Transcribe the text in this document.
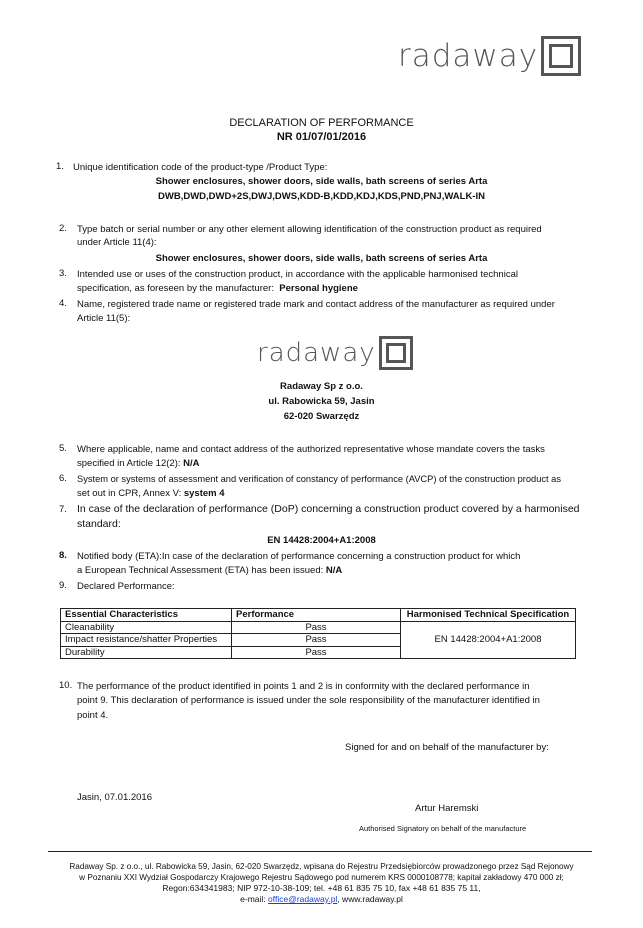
radaway
DECLARATION OF PERFORMANCE
NR 01/07/01/2016
1. Unique identification code of the product-type /Product Type:
Shower enclosures, shower doors, side walls, bath screens of series Arta
DWB,DWD,DWD+2S,DWJ,DWS,KDD-B,KDD,KDJ,KDS,PND,PNJ,WALK-IN
2. Type batch or serial number or any other element allowing identification of the construction product as required
under Article 11(4):
Shower enclosures, shower doors, side walls, bath screens of series Arta
3. Intended use or uses of the construction product, in accordance with the applicable harmonised technical
specification, as foreseen by the manufacturer: Personal hygiene
4. Name, registered trade name or registered trade mark and contact address of the manufacturer as required under
Article 11(5):
radaway
Radaway Sp z o.o.
ul. Rabowicka 59, Jasin
62-020 Swarzędz
5. Where applicable, name and contact address of the authorized representative whose mandate covers the tasks
specified in Article 12(2): N/A
6. System or systems of assessment and verification of constancy of performance (AVCP) of the construction product as
set out in CPR, Annex V: system 4
7. In case of the declaration of performance (DoP) concerning a construction product covered by a harmonised
standard:
EN 14428:2004+A1:2008
8. Notified body (ETA):In case of the declaration of performance concerning a construction product for which
a European Technical Assessment (ETA) has been issued: N/A
9. Declared Performance:
Essential Characteristics	Performance	Harmonised Technical Specification
Cleanability	Pass	EN 14428:2004+A1:2008
Impact resistance/shatter Properties	Pass	
Durability	Pass	
10. The performance of the product identified in points 1 and 2 is in conformity with the declared performance in
point 9. This declaration of performance is issued under the sole responsibility of the manufacturer identified in
point 4.
Signed for and on behalf of the manufacturer by:
Jasin, 07.01.2016
Artur Haremski
Authorised Signatory on behalf of the manufacture
Radaway Sp. z o.o., ul. Rabowicka 59, Jasin, 62-020 Swarzędz, wpisana do Rejestru Przedsiębiorców prowadzonego przez Sąd Rejonowy
w Poznaniu XXI Wydział Gospodarczy Krajowego Rejestru Sądowego pod numerem KRS 0000108778; kapitał zakładowy 470 000 zł;
Regon:634341983; NIP 972-10-38-109; tel. +48 61 835 75 10, fax +48 61 835 75 11,
e-mail: office@radaway.pl, www.radaway.pl
